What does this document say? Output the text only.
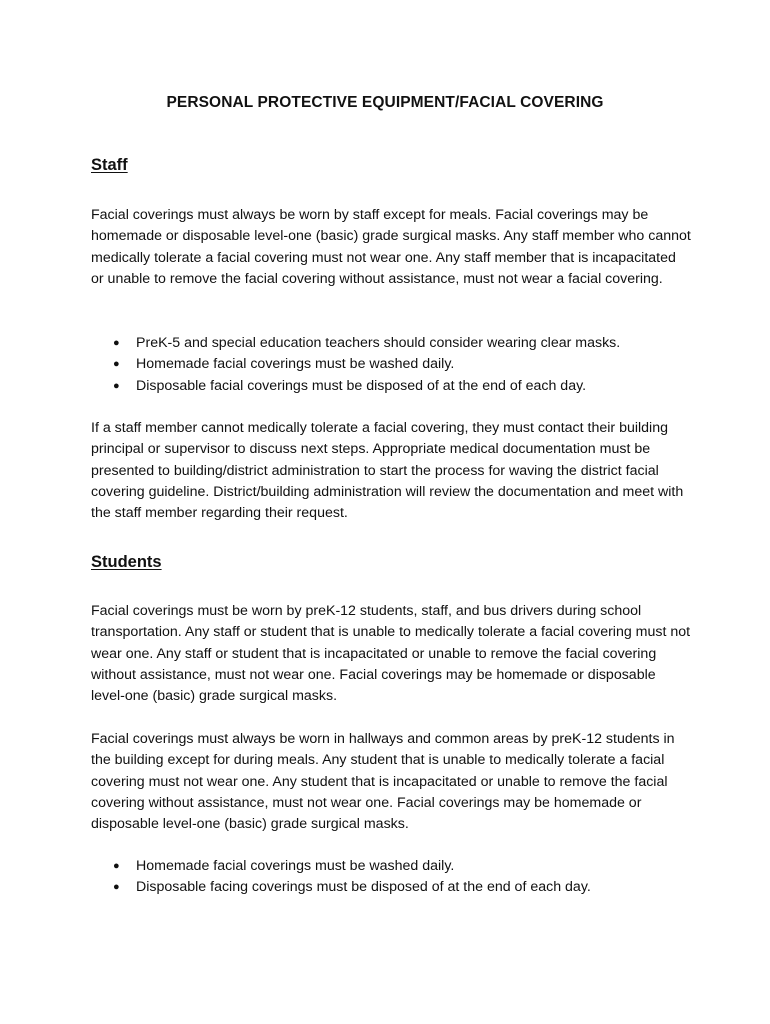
PERSONAL PROTECTIVE EQUIPMENT/FACIAL COVERING
Staff

Facial coverings must always be worn by staff except for meals. Facial coverings may be homemade or disposable level-one (basic) grade surgical masks. Any staff member who cannot medically tolerate a facial covering must not wear one. Any staff member that is incapacitated or unable to remove the facial covering without assistance, must not wear a facial covering.

● PreK-5 and special education teachers should consider wearing clear masks.
● Homemade facial coverings must be washed daily.
● Disposable facial coverings must be disposed of at the end of each day.

If a staff member cannot medically tolerate a facial covering, they must contact their building principal or supervisor to discuss next steps. Appropriate medical documentation must be presented to building/district administration to start the process for waving the district facial covering guideline. District/building administration will review the documentation and meet with the staff member regarding their request.

Students

Facial coverings must be worn by preK-12 students, staff, and bus drivers during school transportation. Any staff or student that is unable to medically tolerate a facial covering must not wear one. Any staff or student that is incapacitated or unable to remove the facial covering without assistance, must not wear one. Facial coverings may be homemade or disposable level-one (basic) grade surgical masks.

Facial coverings must always be worn in hallways and common areas by preK-12 students in the building except for during meals. Any student that is unable to medically tolerate a facial covering must not wear one. Any student that is incapacitated or unable to remove the facial covering without assistance, must not wear one. Facial coverings may be homemade or disposable level-one (basic) grade surgical masks.

● Homemade facial coverings must be washed daily.
● Disposable facing coverings must be disposed of at the end of each day.
